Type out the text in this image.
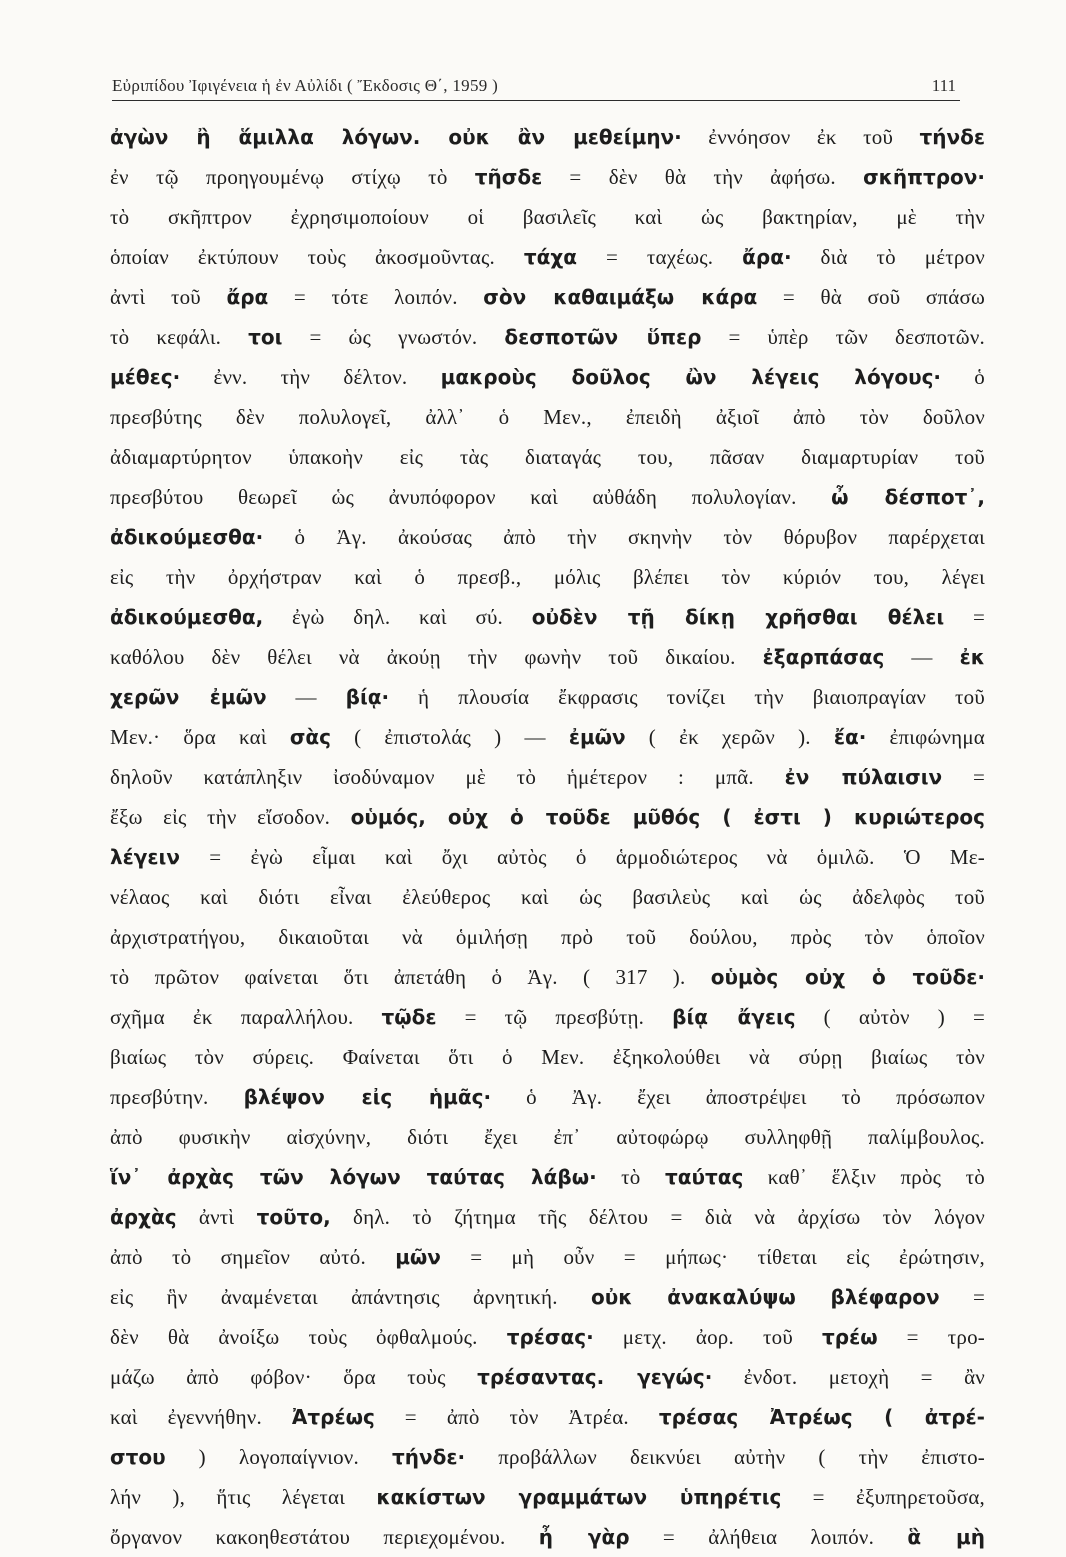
Εὐριπίδου Ἰφιγένεια ἡ ἐν Αὐλίδι ( Ἔκδοσις Θ΄, 1959 )	111
ἀγὼν ἢ ἅμιλλα λόγων. οὐκ ἂν μεθείμην· ἐννόησον ἐκ τοῦ τήνδε
ἐν τῷ προηγουμένῳ στίχῳ τὸ τῆσδε = δὲν θὰ τὴν ἀφήσω. σκῆπτρον·
τὸ σκῆπτρον ἐχρησιμοποίουν οἱ βασιλεῖς καὶ ὡς βακτηρίαν, μὲ τὴν
ὁποίαν ἐκτύπουν τοὺς ἀκοσμοῦντας. τάχα = ταχέως. ἄρα· διὰ τὸ μέτρον
ἀντὶ τοῦ ἄρα = τότε λοιπόν. σὸν καθαιμάξω κάρα = θὰ σοῦ σπάσω
τὸ κεφάλι. τοι = ὡς γνωστόν. δεσποτῶν ὕπερ = ὑπὲρ τῶν δεσποτῶν.
μέθες· ἐνν. τὴν δέλτον. μακροὺς δοῦλος ὢν λέγεις λόγους· ὁ
πρεσβύτης δὲν πολυλογεῖ, ἀλλ᾽ ὁ Μεν., ἐπειδὴ ἀξιοῖ ἀπὸ τὸν δοῦλον
ἀδιαμαρτύρητον ὑπακοὴν εἰς τὰς διαταγάς του, πᾶσαν διαμαρτυρίαν τοῦ
πρεσβύτου θεωρεῖ ὡς ἀνυπόφορον καὶ αὐθάδη πολυλογίαν. ὦ δέσποτ᾽,
ἀδικούμεσθα· ὁ Ἀγ. ἀκούσας ἀπὸ τὴν σκηνὴν τὸν θόρυβον παρέρχεται
εἰς τὴν ὀρχήστραν καὶ ὁ πρεσβ., μόλις βλέπει τὸν κύριόν του, λέγει
ἀδικούμεσθα, ἐγὼ δηλ. καὶ σύ. οὐδὲν τῇ δίκῃ χρῆσθαι θέλει =
καθόλου δὲν θέλει νὰ ἀκούῃ τὴν φωνὴν τοῦ δικαίου. ἐξαρπάσας — ἐκ
χερῶν ἐμῶν — βίᾳ· ἡ πλουσία ἔκφρασις τονίζει τὴν βιαιοπραγίαν τοῦ
Μεν.· ὅρα καὶ σὰς ( ἐπιστολάς ) — ἐμῶν ( ἐκ χερῶν ). ἔα· ἐπιφώνημα
δηλοῦν κατάπληξιν ἰσοδύναμον μὲ τὸ ἡμέτερον : μπᾶ. ἐν πύλαισιν =
ἔξω εἰς τὴν εἴσοδον. οὑμός, οὐχ ὁ τοῦδε μῦθός ( ἐστι ) κυριώτερος
λέγειν = ἐγὼ εἶμαι καὶ ὄχι αὐτὸς ὁ ἁρμοδιώτερος νὰ ὁμιλῶ. Ὁ Με-
νέλαος καὶ διότι εἶναι ἐλεύθερος καὶ ὡς βασιλεὺς καὶ ὡς ἀδελφὸς τοῦ
ἀρχιστρατήγου, δικαιοῦται νὰ ὁμιλήσῃ πρὸ τοῦ δούλου, πρὸς τὸν ὁποῖον
τὸ πρῶτον φαίνεται ὅτι ἀπετάθη ὁ Ἀγ. ( 317 ). οὑμὸς οὐχ ὁ τοῦδε·
σχῆμα ἐκ παραλλήλου. τῷδε = τῷ πρεσβύτῃ. βίᾳ ἄγεις ( αὐτὸν ) =
βιαίως τὸν σύρεις. Φαίνεται ὅτι ὁ Μεν. ἐξηκολούθει νὰ σύρῃ βιαίως τὸν
πρεσβύτην. βλέψον εἰς ἡμᾶς· ὁ Ἀγ. ἔχει ἀποστρέψει τὸ πρόσωπον
ἀπὸ φυσικὴν αἰσχύνην, διότι ἔχει ἐπ᾽ αὐτοφώρῳ συλληφθῇ παλίμβουλος.
ἵν᾽ ἀρχὰς τῶν λόγων ταύτας λάβω· τὸ ταύτας καθ᾽ ἕλξιν πρὸς τὸ
ἀρχὰς ἀντὶ τοῦτο, δηλ. τὸ ζήτημα τῆς δέλτου = διὰ νὰ ἀρχίσω τὸν λόγον
ἀπὸ τὸ σημεῖον αὐτό. μῶν = μὴ οὖν = μήπως· τίθεται εἰς ἐρώτησιν,
εἰς ἣν ἀναμένεται ἀπάντησις ἀρνητική. οὐκ ἀνακαλύψω βλέφαρον =
δὲν θὰ ἀνοίξω τοὺς ὀφθαλμούς. τρέσας· μετχ. ἀορ. τοῦ τρέω = τρο-
μάζω ἀπὸ φόβον· ὅρα τοὺς τρέσαντας. γεγώς· ἐνδοτ. μετοχὴ = ἂν
καὶ ἐγεννήθην. Ἀτρέως = ἀπὸ τὸν Ἀτρέα. τρέσας Ἀτρέως ( ἀτρέ-
στου ) λογοπαίγνιον. τήνδε· προβάλλων δεικνύει αὐτὴν ( τὴν ἐπιστο-
λήν ), ἥτις λέγεται κακίστων γραμμάτων ὑπηρέτις = ἐξυπηρετοῦσα,
ὄργανον κακοηθεστάτου περιεχομένου. ἦ γὰρ = ἀλήθεια λοιπόν. ἃ μὴ
